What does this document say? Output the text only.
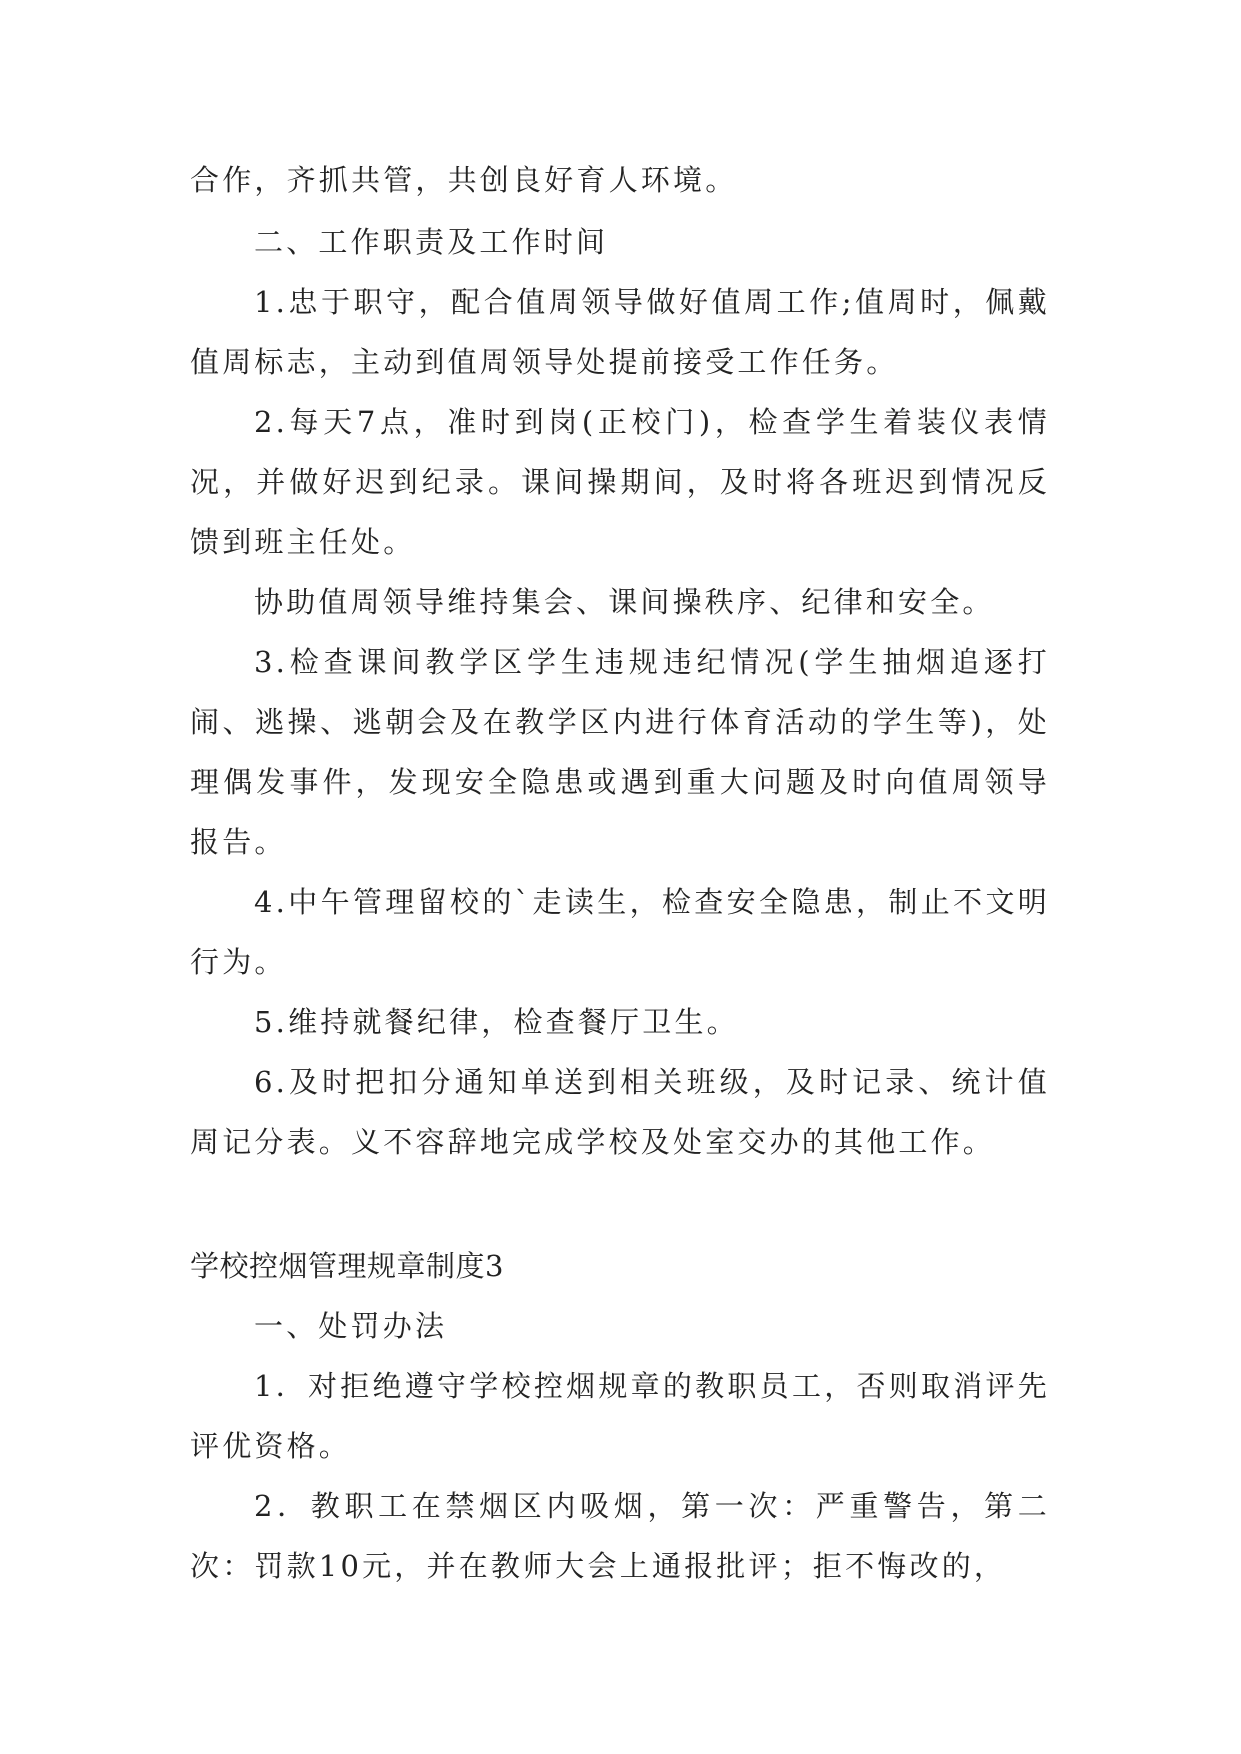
合作，齐抓共管，共创良好育人环境。

二、工作职责及工作时间

1.忠于职守，配合值周领导做好值周工作;值周时，佩戴值周标志，主动到值周领导处提前接受工作任务。

2.每天7点，准时到岗(正校门)，检查学生着装仪表情况，并做好迟到纪录。课间操期间，及时将各班迟到情况反馈到班主任处。

协助值周领导维持集会、课间操秩序、纪律和安全。

3.检查课间教学区学生违规违纪情况(学生抽烟追逐打闹、逃操、逃朝会及在教学区内进行体育活动的学生等)，处理偶发事件，发现安全隐患或遇到重大问题及时向值周领导报告。

4.中午管理留校的`走读生，检查安全隐患，制止不文明行为。

5.维持就餐纪律，检查餐厅卫生。

6.及时把扣分通知单送到相关班级，及时记录、统计值周记分表。义不容辞地完成学校及处室交办的其他工作。

学校控烟管理规章制度3

一、处罚办法

1．对拒绝遵守学校控烟规章的教职员工，否则取消评先评优资格。

2．教职工在禁烟区内吸烟，第一次：严重警告，第二次：罚款10元，并在教师大会上通报批评；拒不悔改的，
